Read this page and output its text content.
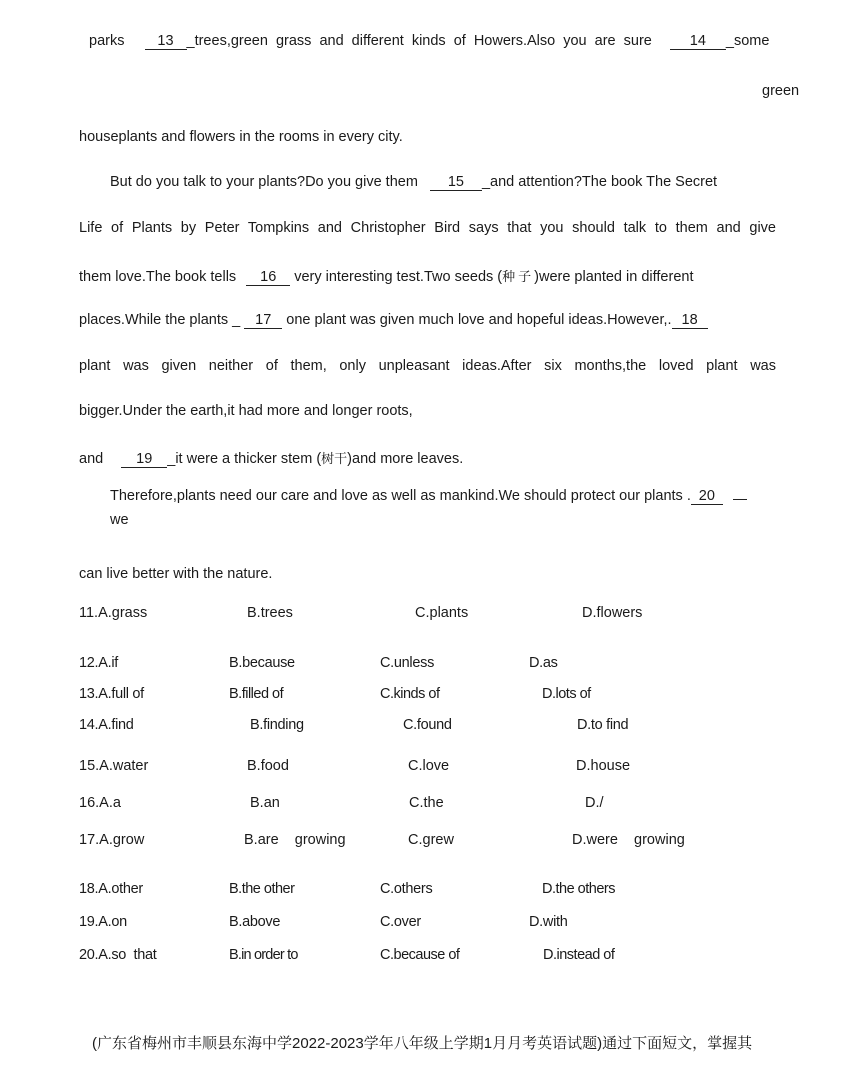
parks 13 _trees,green grass and different kinds of Howers.Also you are sure	14 _some
green
houseplants and flowers in the rooms in every city.
But do you talk to your plants?Do you give them 15 _and attention?The book The Secret
Life of Plants by Peter Tompkins and Christopher Bird says that you should talk to them and give
them love.The book tells 16 very interesting test.Two seeds (种子)were planted in different
places.While the plants _ 17 one plant was given much love and hopeful ideas.However,. 18
plant was given neither of them, only unpleasant ideas.After six months,the loved plant was
bigger.Under the earth,it had more and longer roots,
and 19 _it were a thicker stem (树干)and more leaves.
Therefore,plants need our care and love as well as mankind.We should protect our plants . 20
we
can live better with the nature.
11.A.grass	B.trees	C.plants	D.flowers
12.A.if	B.because	C.unless	D.as
13.A.full of	B.filled of	C.kinds of	D.lots of
14.A.find	B.finding	C.found	D.to find
15.A.water	B.food	C.love	D.house
16.A.a	B.an	C.the	D./
17.A.grow	B.are    growing	C.grew	D.were    growing
18.A.other	B.the other	C.others	D.the others
19.A.on	B.above	C.over	D.with
20.A.so  that	B.in order to	C.because of	D.instead of
(广东省梅州市丰顺县东海中学2022-2023学年八年级上学期1月月考英语试题)通过下面短文，掌握其
